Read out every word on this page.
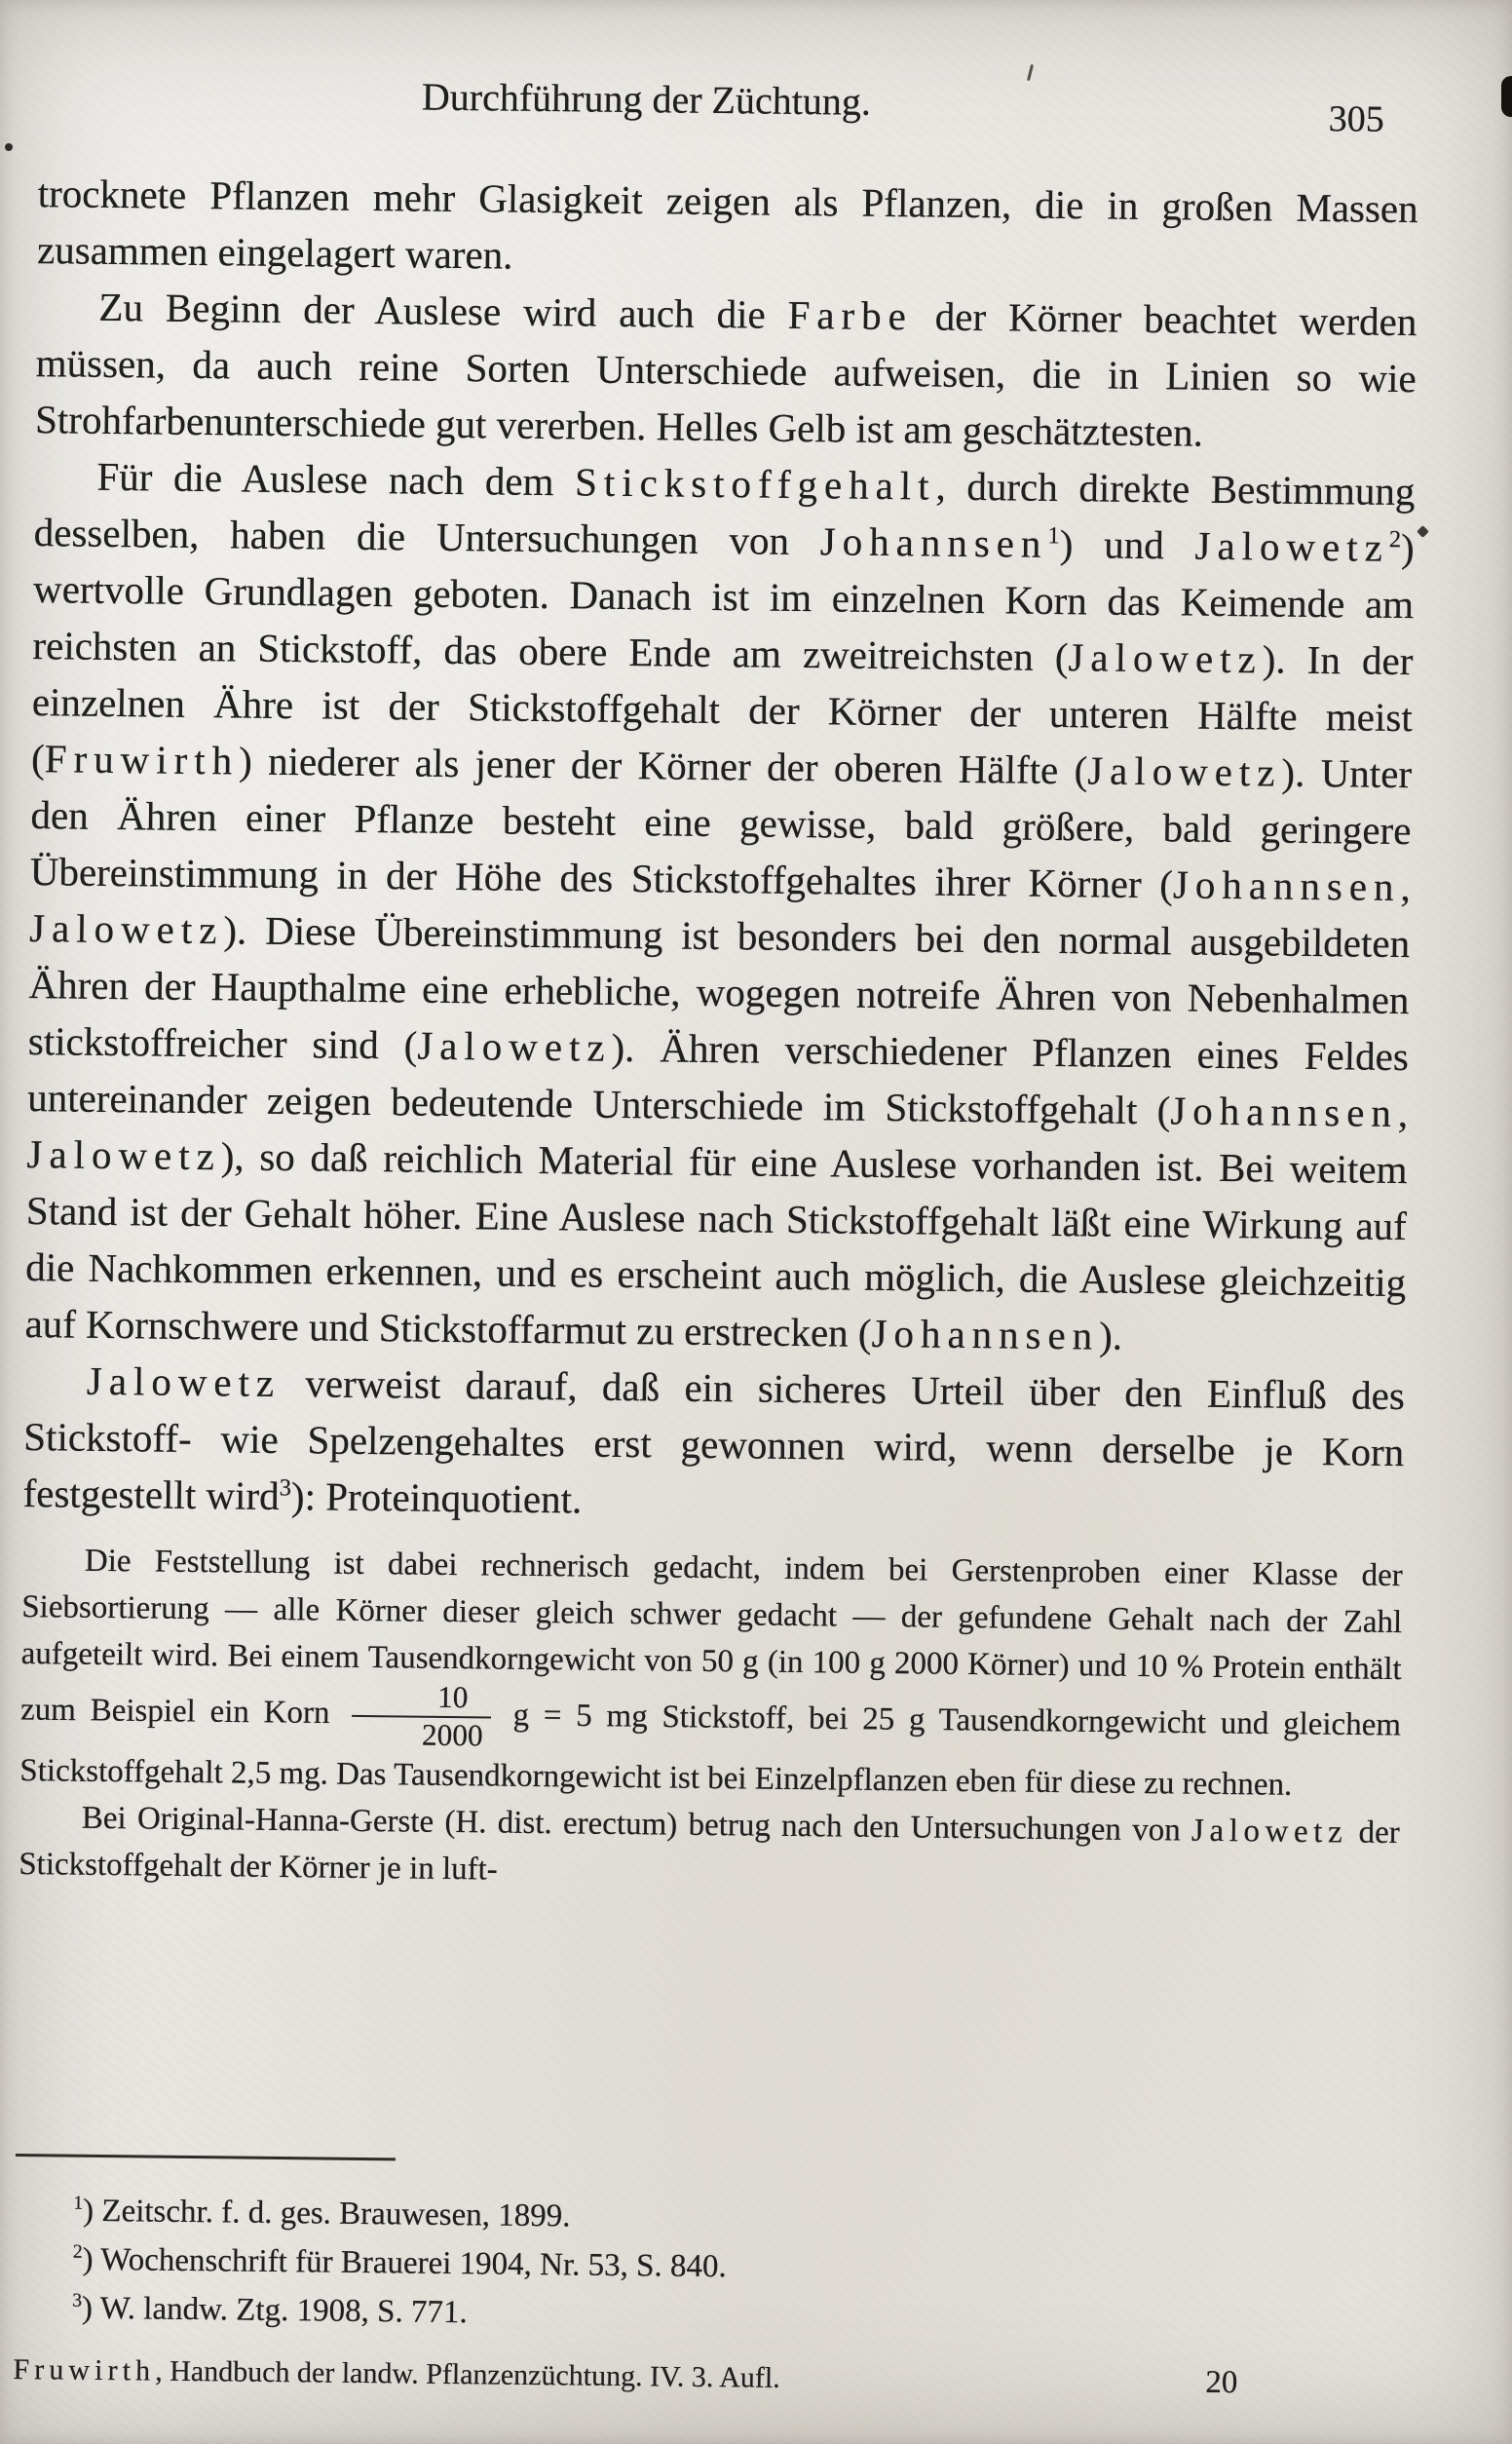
Durchführung der Züchtung.	305
trocknete Pflanzen mehr Glasigkeit zeigen als Pflanzen, die in großen Massen zusammen eingelagert waren.
Zu Beginn der Auslese wird auch die Farbe der Körner beachtet werden müssen, da auch reine Sorten Unterschiede aufweisen, die in Linien so wie Strohfarbenunterschiede gut vererben. Helles Gelb ist am geschätztesten.
Für die Auslese nach dem Stickstoffgehalt, durch direkte Bestimmung desselben, haben die Untersuchungen von Johannsen$^1$) und Jalowetz$^2$) wertvolle Grundlagen geboten. Danach ist im einzelnen Korn das Keimende am reichsten an Stickstoff, das obere Ende am zweitreichsten (Jalowetz). In der einzelnen Ähre ist der Stickstoffgehalt der Körner der unteren Hälfte meist (Fruwirth) niederer als jener der Körner der oberen Hälfte (Jalowetz). Unter den Ähren einer Pflanze besteht eine gewisse, bald größere, bald geringere Übereinstimmung in der Höhe des Stickstoffgehaltes ihrer Körner (Johannsen, Jalowetz). Diese Übereinstimmung ist besonders bei den normal ausgebildeten Ähren der Haupthalme eine erhebliche, wogegen notreife Ähren von Nebenhalmen stickstoffreicher sind (Jalowetz). Ähren verschiedener Pflanzen eines Feldes untereinander zeigen bedeutende Unterschiede im Stickstoffgehalt (Johannsen, Jalowetz), so daß reichlich Material für eine Auslese vorhanden ist. Bei weitem Stand ist der Gehalt höher. Eine Auslese nach Stickstoffgehalt läßt eine Wirkung auf die Nachkommen erkennen, und es erscheint auch möglich, die Auslese gleichzeitig auf Kornschwere und Stickstoffarmut zu erstrecken (Johannsen).
Jalowetz verweist darauf, daß ein sicheres Urteil über den Einfluß des Stickstoff- wie Spelzengehaltes erst gewonnen wird, wenn derselbe je Korn festgestellt wird$^3$): Proteinquotient.
Die Feststellung ist dabei rechnerisch gedacht, indem bei Gerstenproben einer Klasse der Siebsortierung — alle Körner dieser gleich schwer gedacht — der gefundene Gehalt nach der Zahl aufgeteilt wird. Bei einem Tausendkorngewicht von 50 g (in 100 g 2000 Körner) und 10 % Protein enthält zum Beispiel ein Korn $\frac{10}{2000}$ g = 5 mg Stickstoff, bei 25 g Tausendkorngewicht und gleichem Stickstoffgehalt 2,5 mg. Das Tausendkorngewicht ist bei Einzelpflanzen eben für diese zu rechnen.
Bei Original-Hanna-Gerste (H. dist. erectum) betrug nach den Untersuchungen von Jalowetz der Stickstoffgehalt der Körner je in luft-
$^1$) Zeitschr. f. d. ges. Brauwesen, 1899.
$^2$) Wochenschrift für Brauerei 1904, Nr. 53, S. 840.
$^3$) W. landw. Ztg. 1908, S. 771.
Fruwirth, Handbuch der landw. Pflanzenzüchtung. IV. 3. Aufl.	20
